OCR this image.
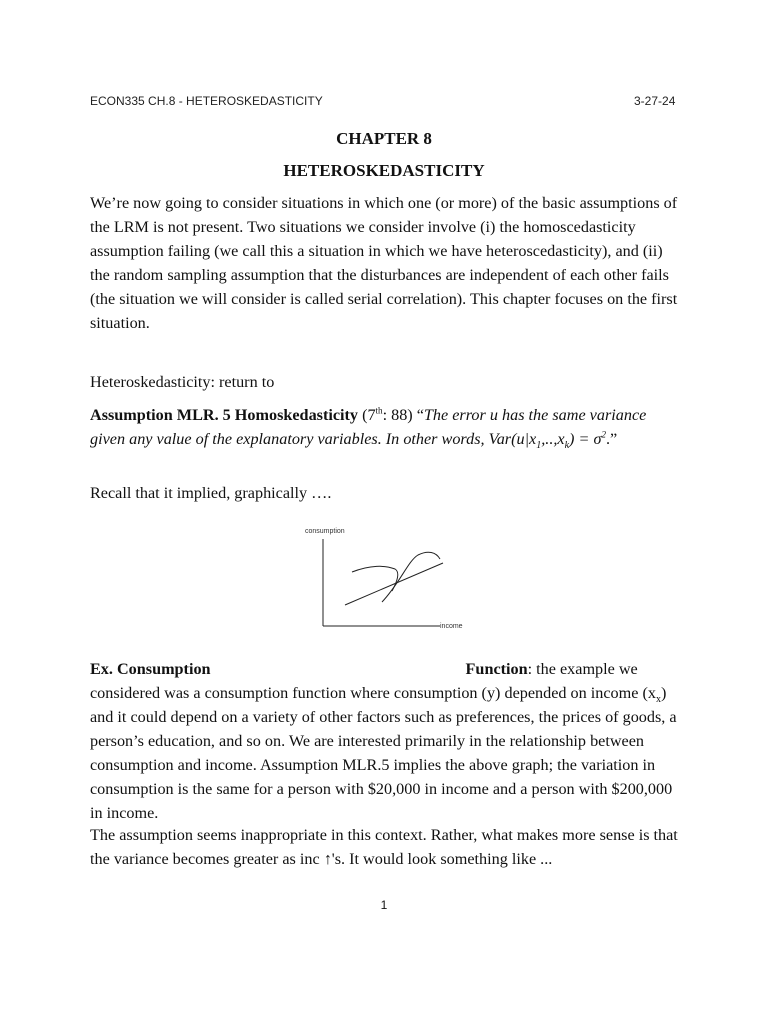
ECON335 CH.8 - HETEROSKEDASTICITY	3-27-24
CHAPTER 8
HETEROSKEDASTICITY

We’re now going to consider situations in which one (or more) of the basic assumptions of the LRM is not present. Two situations we consider involve (i) the homoscedasticity assumption failing (we call this a situation in which we have heteroscedasticity), and (ii) the random sampling assumption that the disturbances are independent of each other fails (the situation we will consider is called serial correlation). This chapter focuses on the first situation.

Heteroskedasticity: return to

Assumption MLR. 5 Homoskedasticity (7th: 88) “The error u has the same variance given any value of the explanatory variables. In other words, $Var(u|x_1,..,x_k) = \sigma^2$.”

Recall that it implied, graphically ….

consumption
income

Ex. Consumption	Function: the example we considered was a consumption function where consumption (y) depended on income $(x_x)$ and it could depend on a variety of other factors such as preferences, the prices of goods, a person’s education, and so on. We are interested primarily in the relationship between consumption and income. Assumption MLR.5 implies the above graph; the variation in consumption is the same for a person with $20,000 in income and a person with $200,000 in income.

The assumption seems inappropriate in this context. Rather, what makes more sense is that the variance becomes greater as inc ↑'s. It would look something like ...

1
